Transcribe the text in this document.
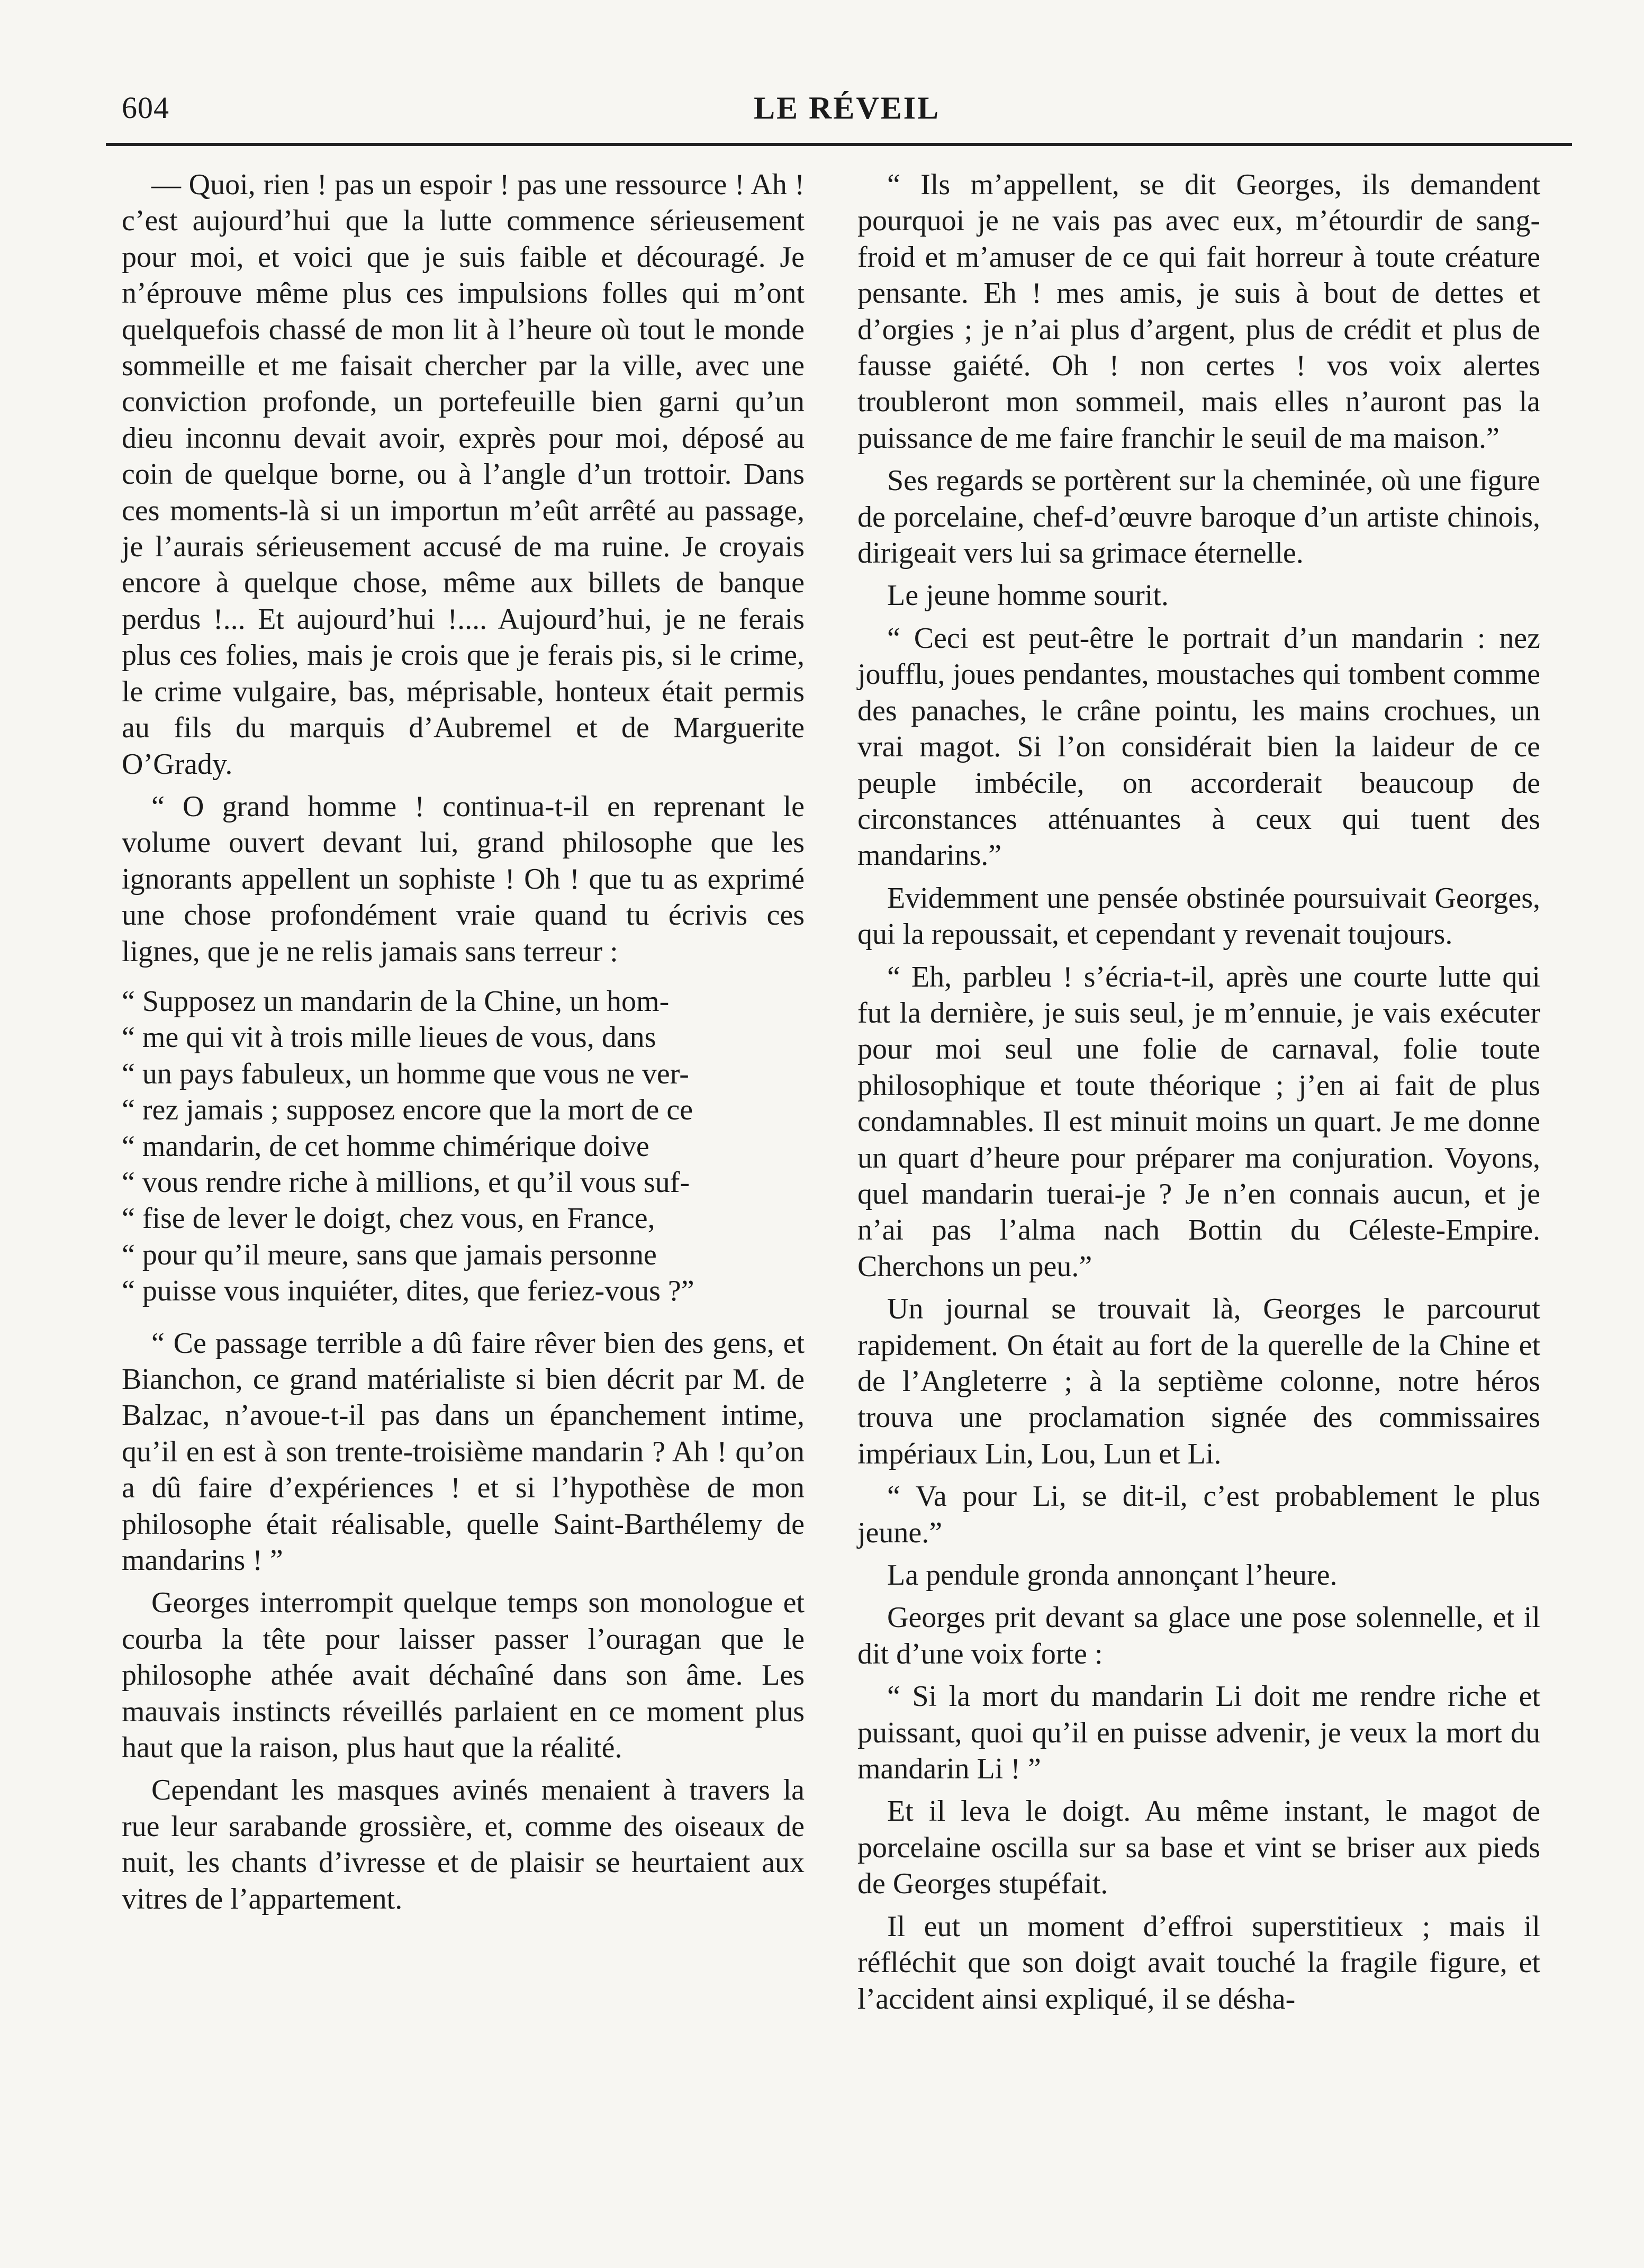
604	LE RÉVEIL

— Quoi, rien ! pas un espoir ! pas une ressource ! Ah ! c’est aujourd’hui que la lutte commence sérieusement pour moi, et voici que je suis faible et découragé. Je n’éprouve même plus ces impulsions folles qui m’ont quelquefois chassé de mon lit à l’heure où tout le monde sommeille et me faisait chercher par la ville, avec une conviction profonde, un portefeuille bien garni qu’un dieu inconnu devait avoir, exprès pour moi, déposé au coin de quelque borne, ou à l’angle d’un trottoir. Dans ces moments-là si un importun m’eût arrêté au passage, je l’aurais sérieusement accusé de ma ruine. Je croyais encore à quelque chose, même aux billets de banque perdus !... Et aujourd’hui !.... Aujourd’hui, je ne ferais plus ces folies, mais je crois que je ferais pis, si le crime, le crime vulgaire, bas, méprisable, honteux était permis au fils du marquis d’Aubremel et de Marguerite O’Grady.

“ O grand homme ! continua-t-il en reprenant le volume ouvert devant lui, grand philosophe que les ignorants appellent un sophiste ! Oh ! que tu as exprimé une chose profondément vraie quand tu écrivis ces lignes, que je ne relis jamais sans terreur :

“ Supposez un mandarin de la Chine, un hom-
“ me qui vit à trois mille lieues de vous, dans
“ un pays fabuleux, un homme que vous ne ver-
“ rez jamais ; supposez encore que la mort de ce
“ mandarin, de cet homme chimérique doive
“ vous rendre riche à millions, et qu’il vous suf-
“ fise de lever le doigt, chez vous, en France,
“ pour qu’il meure, sans que jamais personne
“ puisse vous inquiéter, dites, que feriez-vous ?”

“ Ce passage terrible a dû faire rêver bien des gens, et Bianchon, ce grand matérialiste si bien décrit par M. de Balzac, n’avoue-t-il pas dans un épanchement intime, qu’il en est à son trente-troisième mandarin ? Ah ! qu’on a dû faire d’expériences ! et si l’hypothèse de mon philosophe était réalisable, quelle Saint-Barthélemy de mandarins ! ”

Georges interrompit quelque temps son monologue et courba la tête pour laisser passer l’ouragan que le philosophe athée avait déchaîné dans son âme. Les mauvais instincts réveillés parlaient en ce moment plus haut que la raison, plus haut que la réalité.

Cependant les masques avinés menaient à travers la rue leur sarabande grossière, et, comme des oiseaux de nuit, les chants d’ivresse et de plaisir se heurtaient aux vitres de l’appartement.

“ Ils m’appellent, se dit Georges, ils demandent pourquoi je ne vais pas avec eux, m’étourdir de sang-froid et m’amuser de ce qui fait horreur à toute créature pensante. Eh ! mes amis, je suis à bout de dettes et d’orgies ; je n’ai plus d’argent, plus de crédit et plus de fausse gaiété. Oh ! non certes ! vos voix alertes troubleront mon sommeil, mais elles n’auront pas la puissance de me faire franchir le seuil de ma maison.”

Ses regards se portèrent sur la cheminée, où une figure de porcelaine, chef-d’œuvre baroque d’un artiste chinois, dirigeait vers lui sa grimace éternelle.

Le jeune homme sourit.

“ Ceci est peut-être le portrait d’un mandarin : nez joufflu, joues pendantes, moustaches qui tombent comme des panaches, le crâne pointu, les mains crochues, un vrai magot. Si l’on considérait bien la laideur de ce peuple imbécile, on accorderait beaucoup de circonstances atténuantes à ceux qui tuent des mandarins.”

Evidemment une pensée obstinée poursuivait Georges, qui la repoussait, et cependant y revenait toujours.

“ Eh, parbleu ! s’écria-t-il, après une courte lutte qui fut la dernière, je suis seul, je m’ennuie, je vais exécuter pour moi seul une folie de carnaval, folie toute philosophique et toute théorique ; j’en ai fait de plus condamnables. Il est minuit moins un quart. Je me donne un quart d’heure pour préparer ma conjuration. Voyons, quel mandarin tuerai-je ? Je n’en connais aucun, et je n’ai pas l’alma nach Bottin du Céleste-Empire. Cherchons un peu.”

Un journal se trouvait là, Georges le parcourut rapidement. On était au fort de la querelle de la Chine et de l’Angleterre ; à la septième colonne, notre héros trouva une proclamation signée des commissaires impériaux Lin, Lou, Lun et Li.

“ Va pour Li, se dit-il, c’est probablement le plus jeune.”

La pendule gronda annonçant l’heure.

Georges prit devant sa glace une pose solennelle, et il dit d’une voix forte :

“ Si la mort du mandarin Li doit me rendre riche et puissant, quoi qu’il en puisse advenir, je veux la mort du mandarin Li ! ”

Et il leva le doigt. Au même instant, le magot de porcelaine oscilla sur sa base et vint se briser aux pieds de Georges stupéfait.

Il eut un moment d’effroi superstitieux ; mais il réfléchit que son doigt avait touché la fragile figure, et l’accident ainsi expliqué, il se désha-
